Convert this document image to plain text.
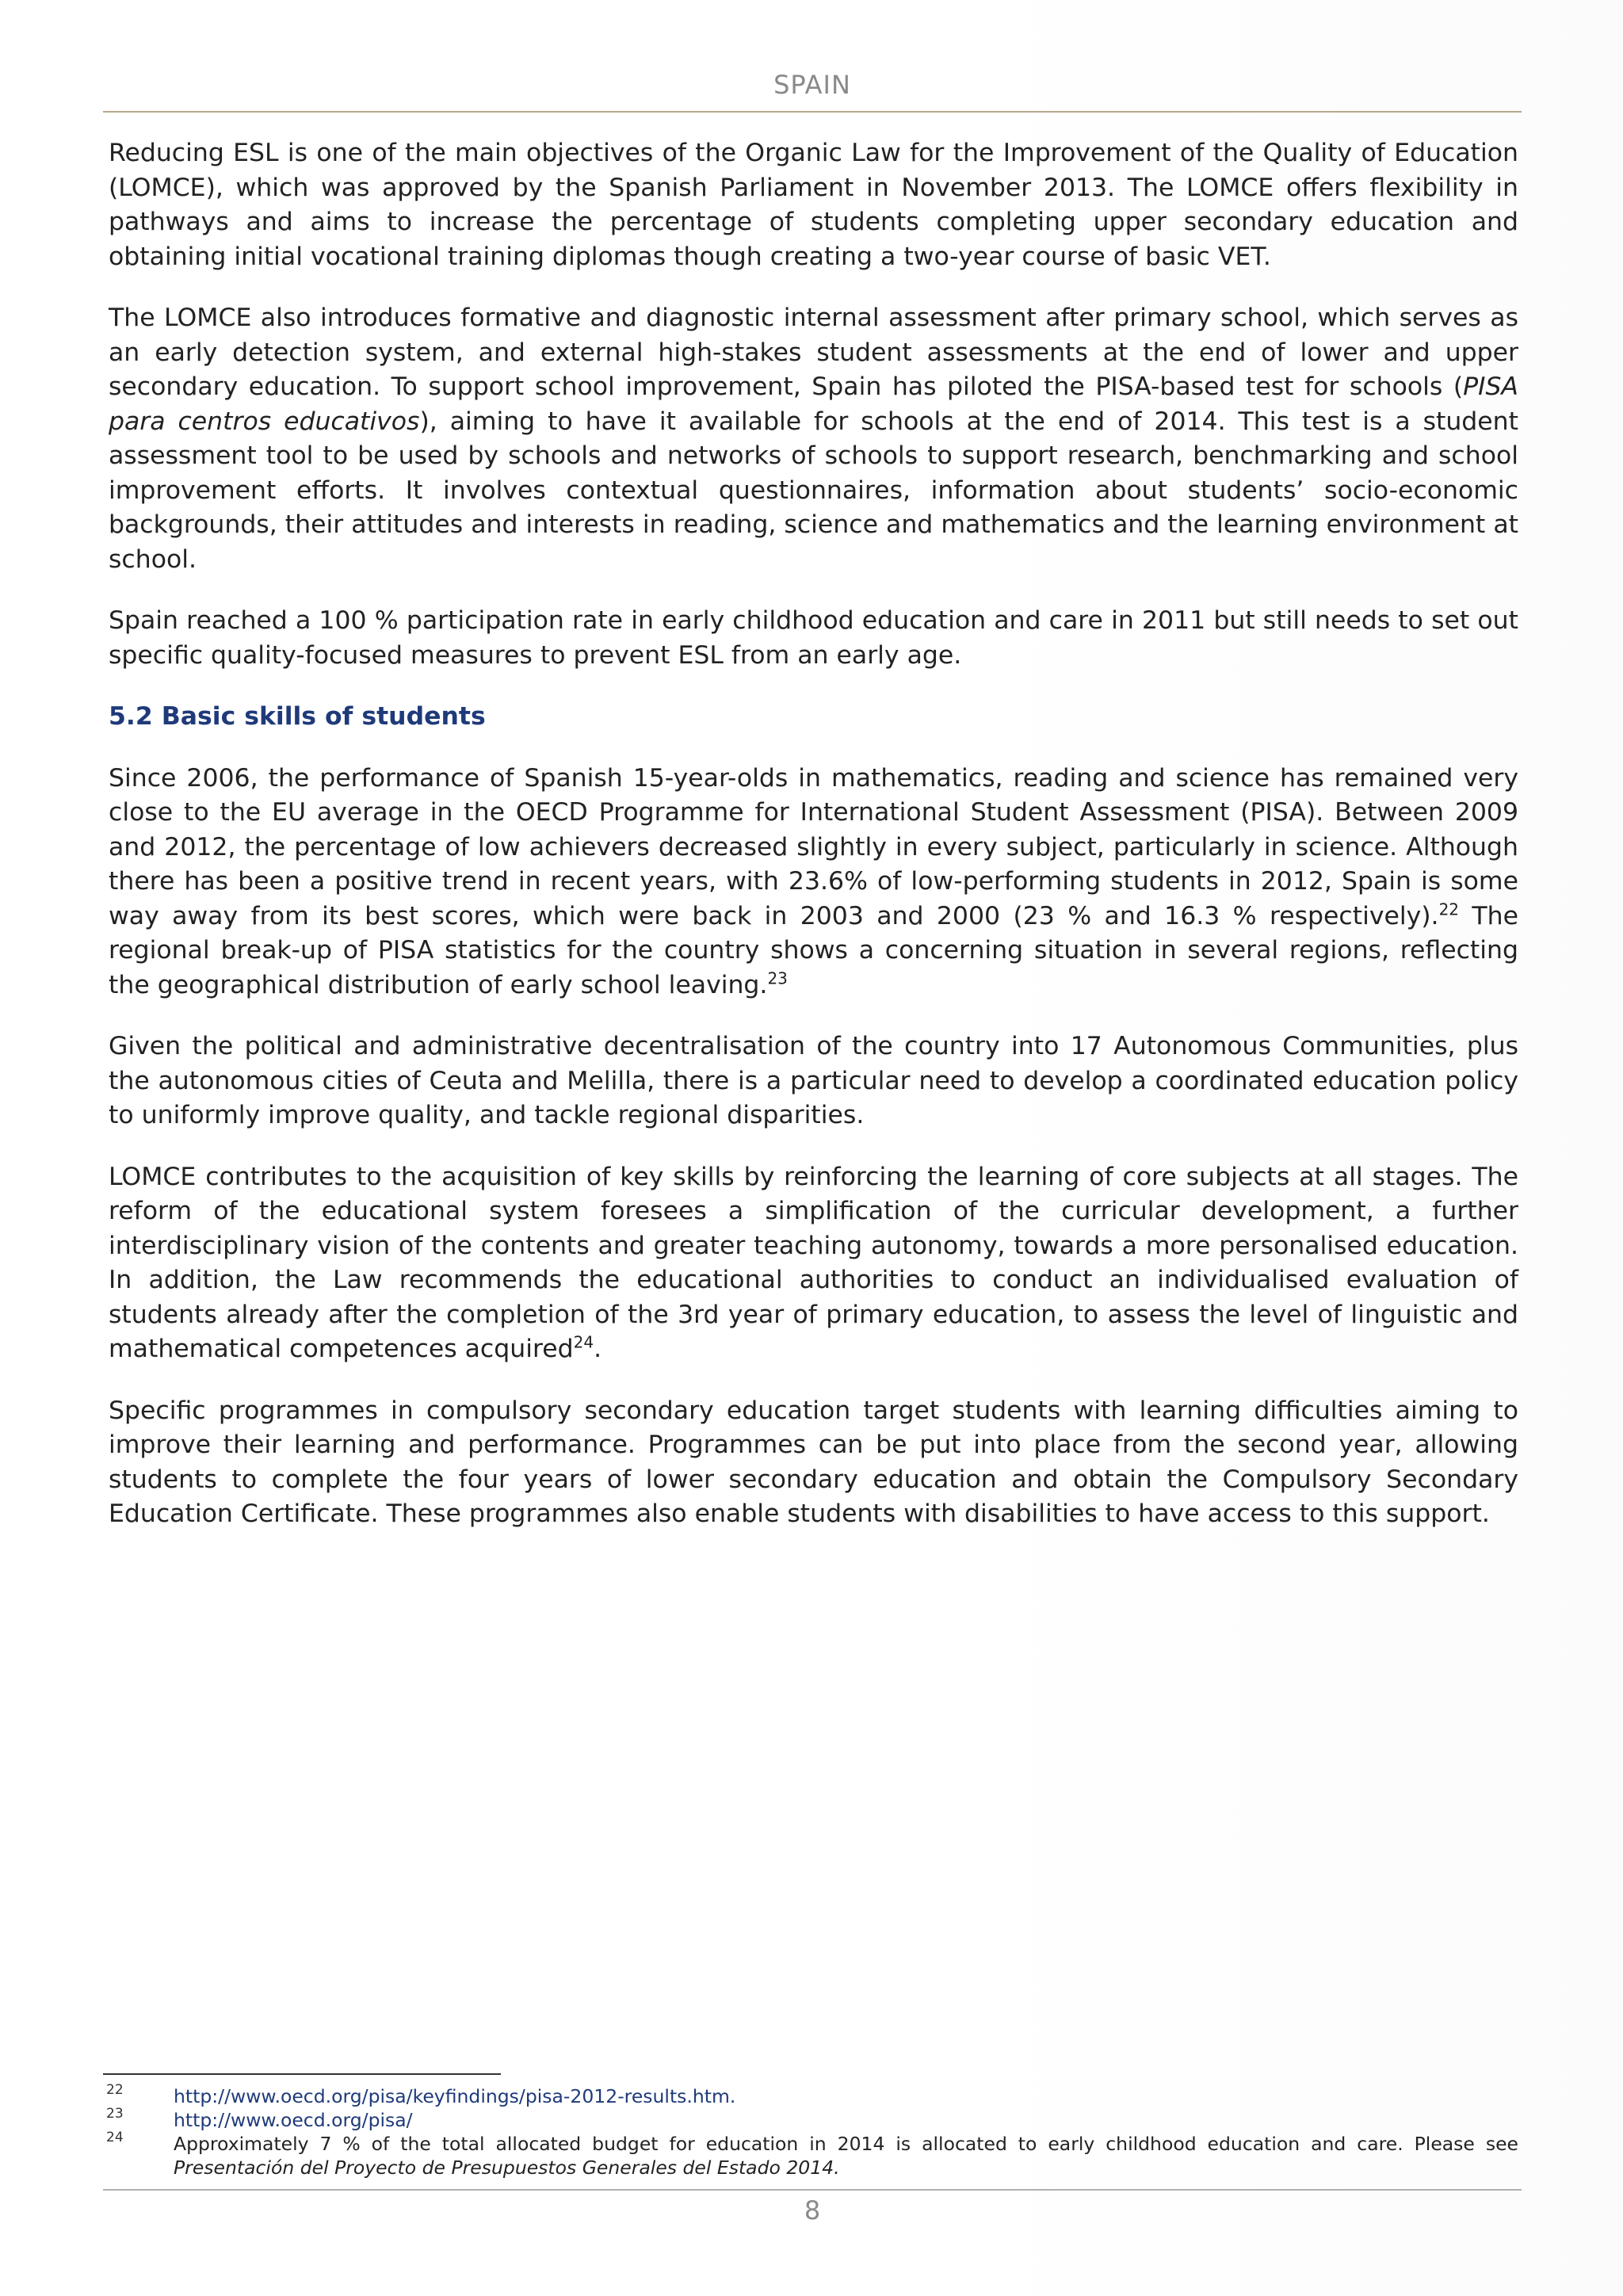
SPAIN

Reducing ESL is one of the main objectives of the Organic Law for the Improvement of the Quality of Education (LOMCE), which was approved by the Spanish Parliament in November 2013. The LOMCE offers flexibility in pathways and aims to increase the percentage of students completing upper secondary education and obtaining initial vocational training diplomas though creating a two-year course of basic VET.

The LOMCE also introduces formative and diagnostic internal assessment after primary school, which serves as an early detection system, and external high-stakes student assessments at the end of lower and upper secondary education. To support school improvement, Spain has piloted the PISA-based test for schools (PISA para centros educativos), aiming to have it available for schools at the end of 2014. This test is a student assessment tool to be used by schools and networks of schools to support research, benchmarking and school improvement efforts. It involves contextual questionnaires, information about students’ socio-economic backgrounds, their attitudes and interests in reading, science and mathematics and the learning environment at school.

Spain reached a 100 % participation rate in early childhood education and care in 2011 but still needs to set out specific quality-focused measures to prevent ESL from an early age.

5.2 Basic skills of students

Since 2006, the performance of Spanish 15-year-olds in mathematics, reading and science has remained very close to the EU average in the OECD Programme for International Student Assessment (PISA). Between 2009 and 2012, the percentage of low achievers decreased slightly in every subject, particularly in science. Although there has been a positive trend in recent years, with 23.6% of low-performing students in 2012, Spain is some way away from its best scores, which were back in 2003 and 2000 (23 % and 16.3 % respectively).$^{22}$ The regional break-up of PISA statistics for the country shows a concerning situation in several regions, reflecting the geographical distribution of early school leaving.$^{23}$

Given the political and administrative decentralisation of the country into 17 Autonomous Communities, plus the autonomous cities of Ceuta and Melilla, there is a particular need to develop a coordinated education policy to uniformly improve quality, and tackle regional disparities.

LOMCE contributes to the acquisition of key skills by reinforcing the learning of core subjects at all stages. The reform of the educational system foresees a simplification of the curricular development, a further interdisciplinary vision of the contents and greater teaching autonomy, towards a more personalised education. In addition, the Law recommends the educational authorities to conduct an individualised evaluation of students already after the completion of the 3rd year of primary education, to assess the level of linguistic and mathematical competences acquired$^{24}$.

Specific programmes in compulsory secondary education target students with learning difficulties aiming to improve their learning and performance. Programmes can be put into place from the second year, allowing students to complete the four years of lower secondary education and obtain the Compulsory Secondary Education Certificate. These programmes also enable students with disabilities to have access to this support.

22	http://www.oecd.org/pisa/keyfindings/pisa-2012-results.htm.
23	http://www.oecd.org/pisa/
24	Approximately 7 % of the total allocated budget for education in 2014 is allocated to early childhood education and care. Please see Presentación del Proyecto de Presupuestos Generales del Estado 2014.
8
